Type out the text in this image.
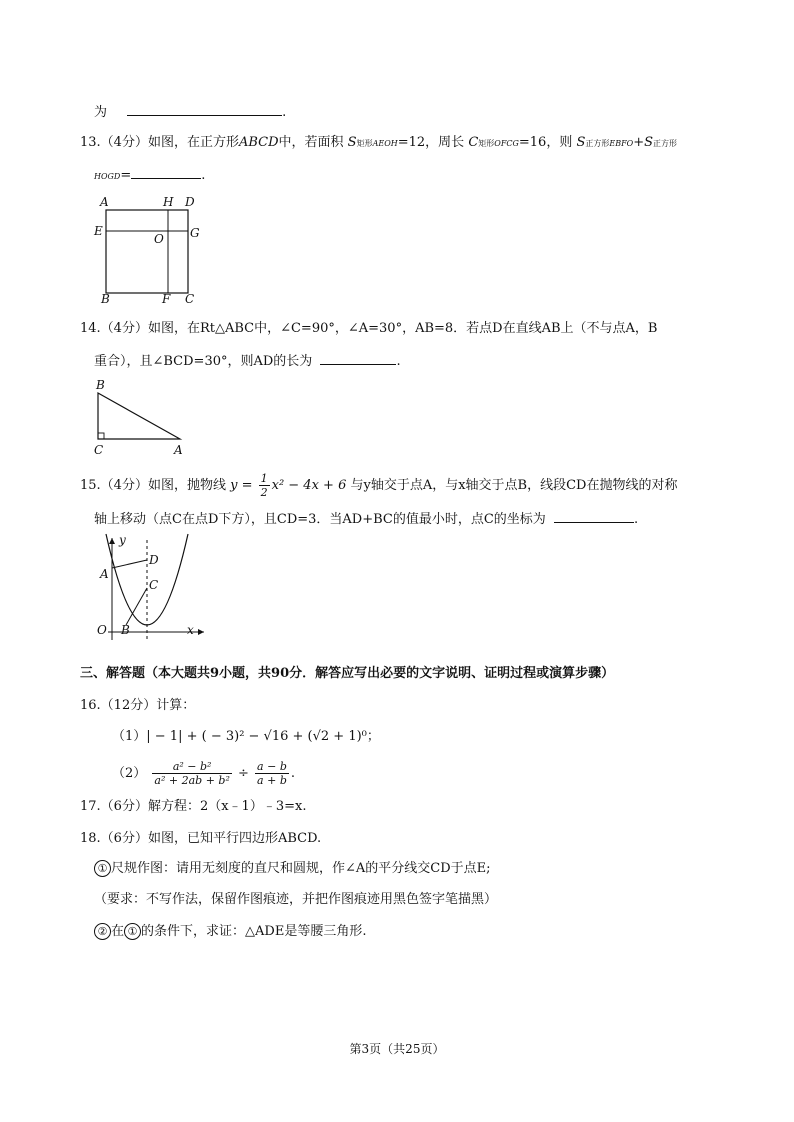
为	.
13.（4分）如图，在正方形ABCD中，若面积 S矩形AEOH=12，周长 C矩形OFCG=16，则 S正方形EBFO+S正方形
HOGD=	.
A	H D
E
O G
B	F C
14.（4分）如图，在Rt△ABC中，∠C=90°，∠A=30°，AB=8．若点D在直线AB上（不与点A，B
重合），且∠BCD=30°，则AD的长为	.
B
C	A
15.（4分）如图，抛物线 $y = \frac{1}{2} x^2 - 4x + 6$ 与y轴交于点A，与x轴交于点B，线段CD在抛物线的对称
轴上移动（点C在点D下方），且CD=3．当AD+BC的值最小时，点C的坐标为	.
y
D
A
C
O B	x
三、解答题（本大题共9小题，共90分．解答应写出必要的文字说明、证明过程或演算步骤）
16.（12分）计算：
（1）| − 1| + ( − 3)² − √16 + (√2 + 1)⁰；
$(2) \frac{\text{a² − b²}}{\text{a² + 2ab + b²}} \div \frac{a - b}{a + b}$ .
17.（6分）解方程：2（x﹣1）﹣3=x.
18.（6分）如图，已知平行四边形ABCD.
① 尺规作图：请用无刻度的直尺和圆规，作∠A的平分线交CD于点E;
（要求：不写作法，保留作图痕迹，并把作图痕迹用黑色签字笔描黑）
② 在 ① 的条件下，求证：△ADE是等腰三角形.
第3页（共25页）
